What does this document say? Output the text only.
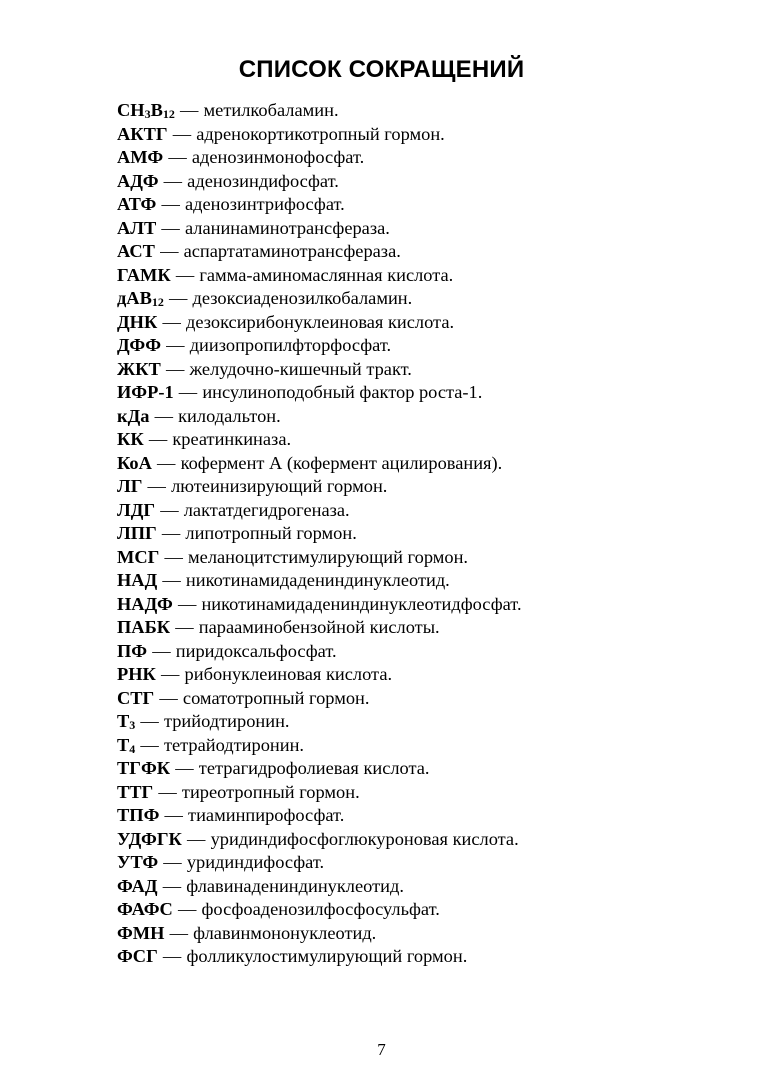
СПИСОК СОКРАЩЕНИЙ
$CH_3B_{12}$ — метилкобаламин.
АКТГ — адренокортикотропный гормон.
АМФ — аденозинмонофосфат.
АДФ — аденозиндифосфат.
АТФ — аденозинтрифосфат.
АЛТ — аланинаминотрансфераза.
АСТ — аспартатаминотрансфераза.
ГАМК — гамма-аминомаслянная кислота.
дАВ$_{12}$ — дезоксиаденозилкобаламин.
ДНК — дезоксирибонуклеиновая кислота.
ДФФ — диизопропилфторфосфат.
ЖКТ — желудочно-кишечный тракт.
ИФР-1 — инсулиноподобный фактор роста-1.
кДа — килодальтон.
КК — креатинкиназа.
КоА — кофермент А (кофермент ацилирования).
ЛГ — лютеинизирующий гормон.
ЛДГ — лактатдегидрогеназа.
ЛПГ — липотропный гормон.
МСГ — меланоцитстимулирующий гормон.
НАД — никотинамидадениндинуклеотид.
НАДФ — никотинамидадениндинуклеотидфосфат.
ПАБК — парааминобензойной кислоты.
ПФ — пиридоксальфосфат.
РНК — рибонуклеиновая кислота.
СТГ — соматотропный гормон.
$Т_3$ — трийодтиронин.
$Т_4$ — тетрайодтиронин.
ТГФК — тетрагидрофолиевая кислота.
ТТГ — тиреотропный гормон.
ТПФ — тиаминпирофосфат.
УДФГК — уридиндифосфоглюкуроновая кислота.
УТФ — уридиндифосфат.
ФАД — флавинадениндинуклеотид.
ФАФС — фосфоаденозилфосфосульфат.
ФМН — флавинмононуклеотид.
ФСГ — фолликулостимулирующий гормон.
7
